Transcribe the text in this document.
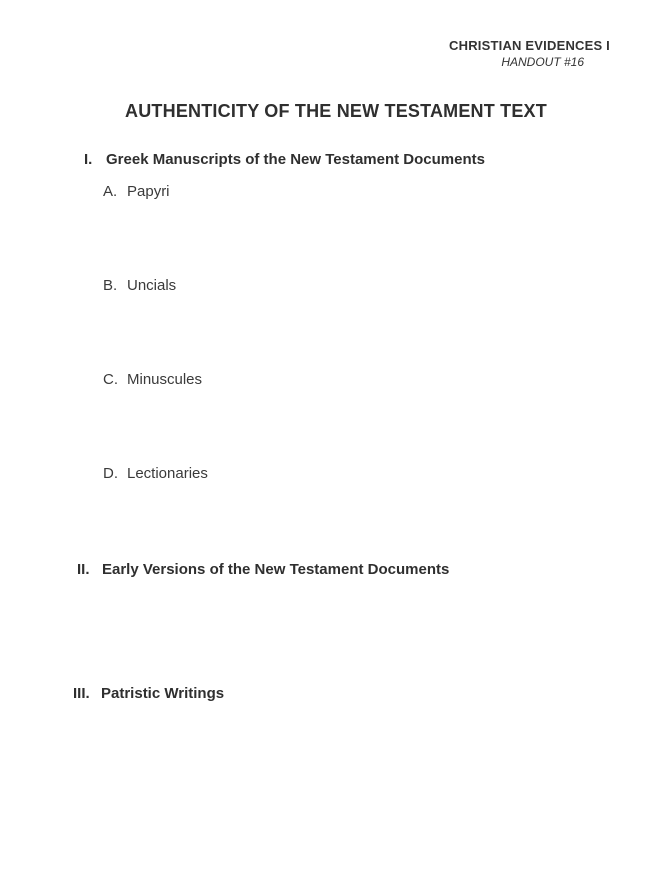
CHRISTIAN EVIDENCES I
HANDOUT #16
AUTHENTICITY OF THE NEW TESTAMENT TEXT
I. Greek Manuscripts of the New Testament Documents
A. Papyri
B. Uncials
C. Minuscules
D. Lectionaries
II. Early Versions of the New Testament Documents
III. Patristic Writings
